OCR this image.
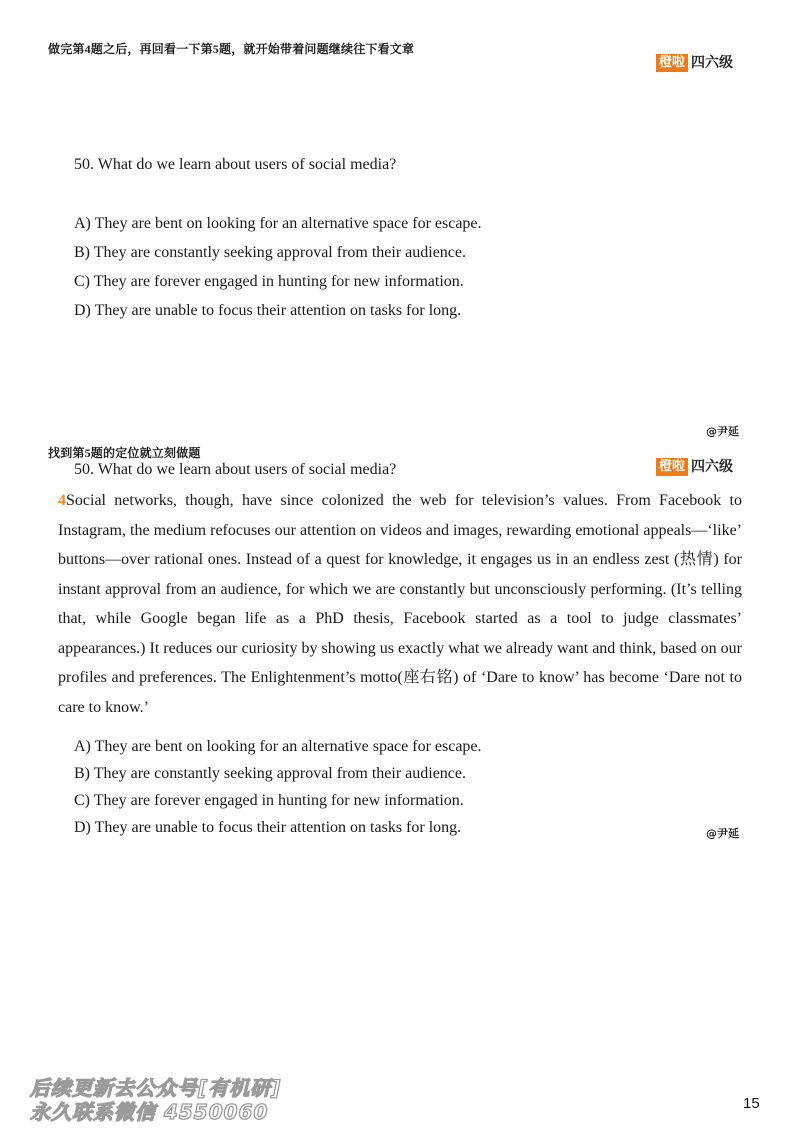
做完第4题之后，再回看一下第5题，就开始带着问题继续往下看文章
橙啦 四六级
50. What do we learn about users of social media?
A) They are bent on looking for an alternative space for escape.
B) They are constantly seeking approval from their audience.
C) They are forever engaged in hunting for new information.
D) They are unable to focus their attention on tasks for long.
@尹延
找到第5题的定位就立刻做题
橙啦 四六级
50. What do we learn about users of social media?
4Social networks, though, have since colonized the web for television’s values. From Facebook to Instagram, the medium refocuses our attention on videos and images, rewarding emotional appeals—‘like’ buttons—over rational ones. Instead of a quest for knowledge, it engages us in an endless zest (热情) for instant approval from an audience, for which we are constantly but unconsciously performing. (It’s telling that, while Google began life as a PhD thesis, Facebook started as a tool to judge classmates’ appearances.) It reduces our curiosity by showing us exactly what we already want and think, based on our profiles and preferences. The Enlightenment’s motto(座右铭) of ‘Dare to know’ has become ‘Dare not to care to know.’
A) They are bent on looking for an alternative space for escape.
B) They are constantly seeking approval from their audience.
C) They are forever engaged in hunting for new information.
D) They are unable to focus their attention on tasks for long.	@尹延
后续更新去公众号[有机研]
永久联系微信 4550060	15
